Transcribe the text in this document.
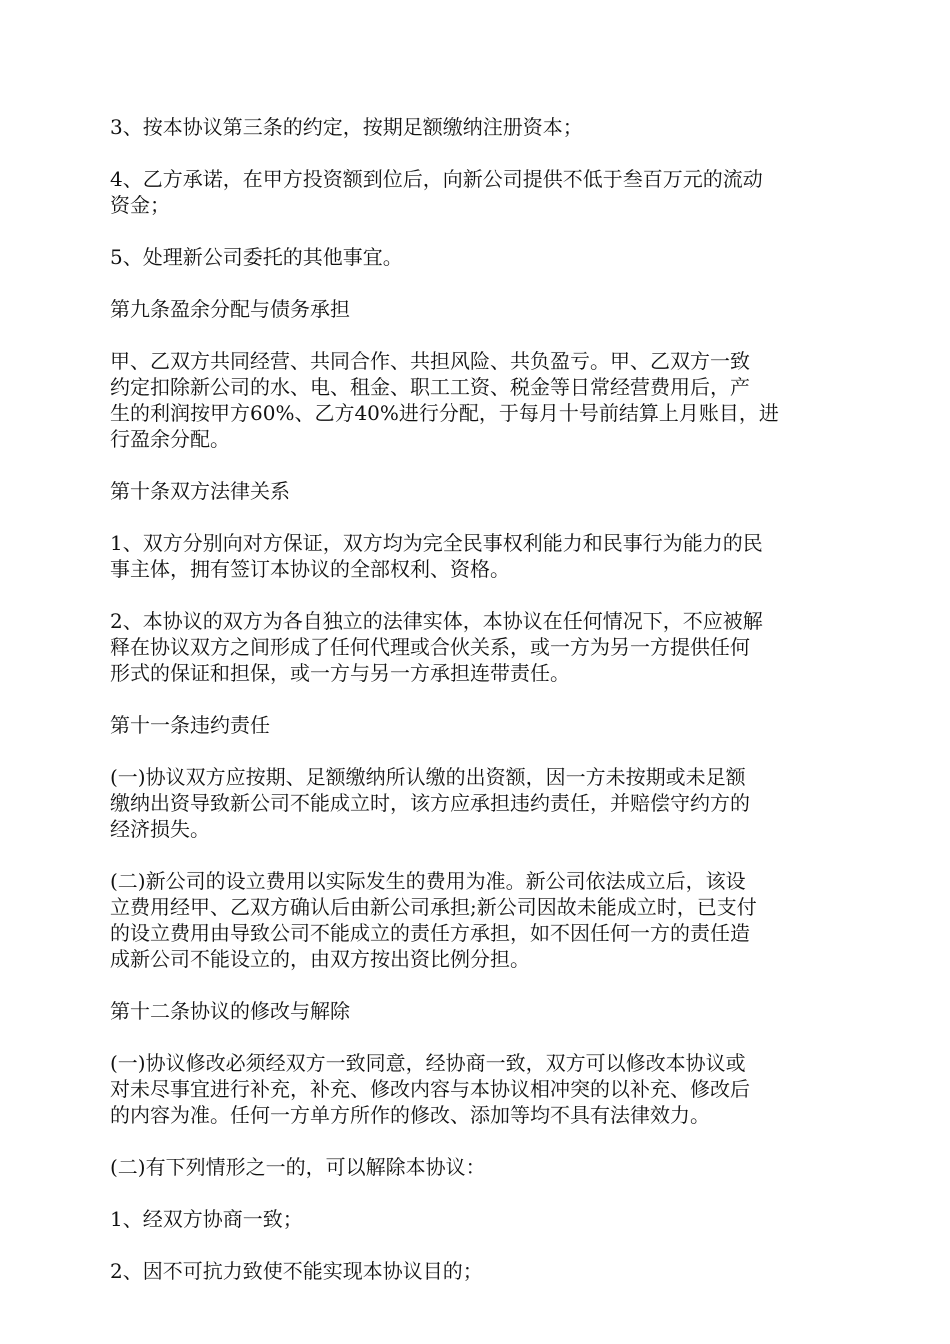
3、按本协议第三条的约定，按期足额缴纳注册资本；
4、乙方承诺，在甲方投资额到位后，向新公司提供不低于叁百万元的流动
资金；
5、处理新公司委托的其他事宜。
第九条盈余分配与债务承担
甲、乙双方共同经营、共同合作、共担风险、共负盈亏。甲、乙双方一致
约定扣除新公司的水、电、租金、职工工资、税金等日常经营费用后，产
生的利润按甲方60%、乙方40%进行分配，于每月十号前结算上月账目，进
行盈余分配。
第十条双方法律关系
1、双方分别向对方保证，双方均为完全民事权利能力和民事行为能力的民
事主体，拥有签订本协议的全部权利、资格。
2、本协议的双方为各自独立的法律实体，本协议在任何情况下，不应被解
释在协议双方之间形成了任何代理或合伙关系，或一方为另一方提供任何
形式的保证和担保，或一方与另一方承担连带责任。
第十一条违约责任
(一)协议双方应按期、足额缴纳所认缴的出资额，因一方未按期或未足额
缴纳出资导致新公司不能成立时，该方应承担违约责任，并赔偿守约方的
经济损失。
(二)新公司的设立费用以实际发生的费用为准。新公司依法成立后，该设
立费用经甲、乙双方确认后由新公司承担;新公司因故未能成立时，已支付
的设立费用由导致公司不能成立的责任方承担，如不因任何一方的责任造
成新公司不能设立的，由双方按出资比例分担。
第十二条协议的修改与解除
(一)协议修改必须经双方一致同意，经协商一致，双方可以修改本协议或
对未尽事宜进行补充，补充、修改内容与本协议相冲突的以补充、修改后
的内容为准。任何一方单方所作的修改、添加等均不具有法律效力。
(二)有下列情形之一的，可以解除本协议：
1、经双方协商一致；
2、因不可抗力致使不能实现本协议目的；
